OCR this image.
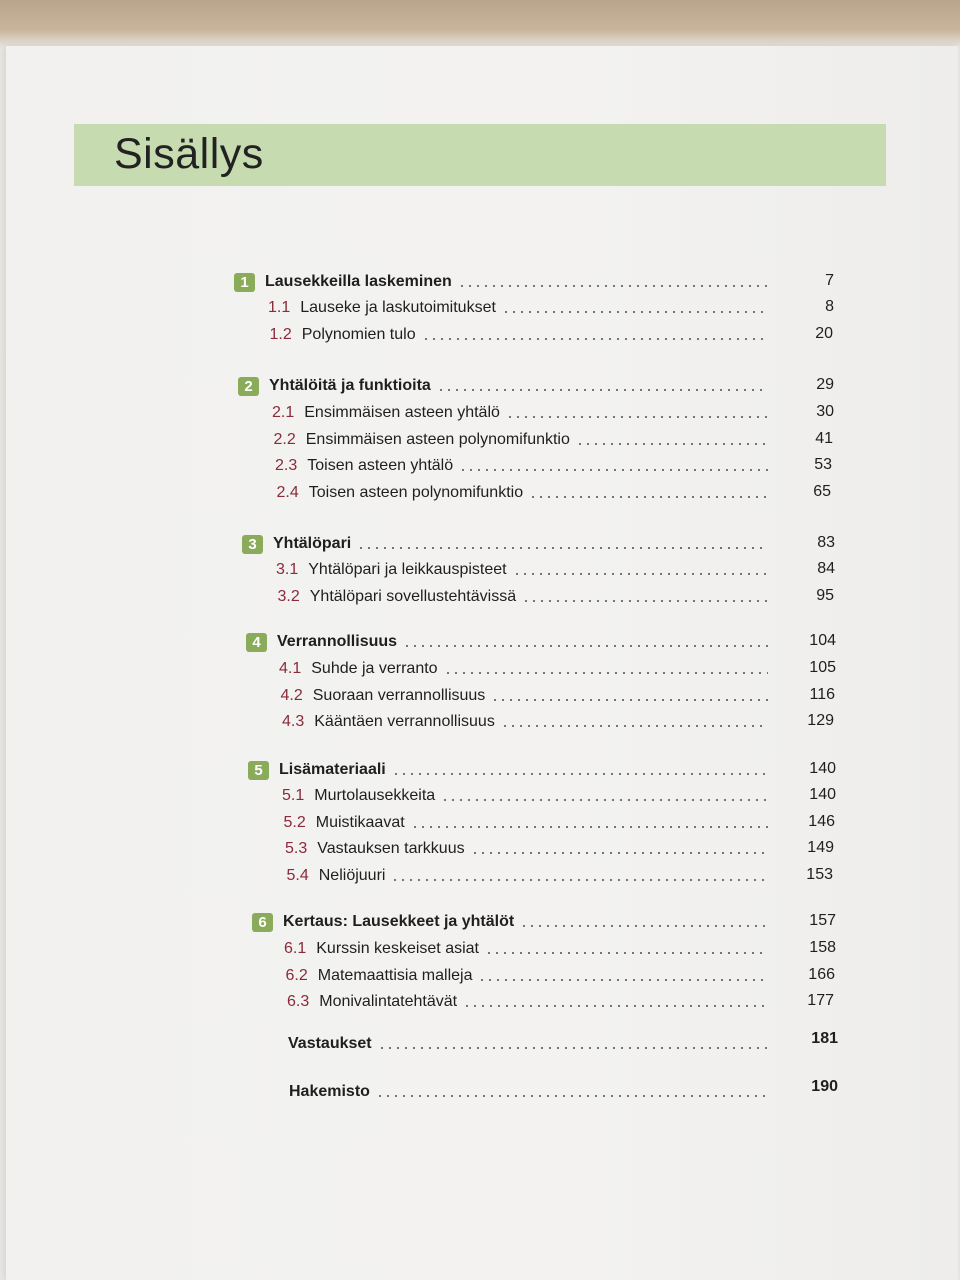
Sisällys
1	Lausekkeilla laskeminen	7
1.1 Lauseke ja laskutoimitukset	8
1.2 Polynomien tulo	20
2	Yhtälöitä ja funktioita	29
2.1 Ensimmäisen asteen yhtälö	30
2.2 Ensimmäisen asteen polynomifunktio	41
2.3 Toisen asteen yhtälö	53
2.4 Toisen asteen polynomifunktio	65
3	Yhtälöpari	83
3.1 Yhtälöpari ja leikkauspisteet	84
3.2 Yhtälöpari sovellustehtävissä	95
4	Verrannollisuus	104
4.1 Suhde ja verranto	105
4.2 Suoraan verrannollisuus	116
4.3 Kääntäen verrannollisuus	129
5	Lisämateriaali	140
5.1 Murtolausekkeita	140
5.2 Muistikaavat	146
5.3 Vastauksen tarkkuus	149
5.4 Neliöjuuri	153
6	Kertaus: Lausekkeet ja yhtälöt	157
6.1 Kurssin keskeiset asiat	158
6.2 Matemaattisia malleja	166
6.3 Monivalintatehtävät	177
Vastaukset	181
Hakemisto	190
